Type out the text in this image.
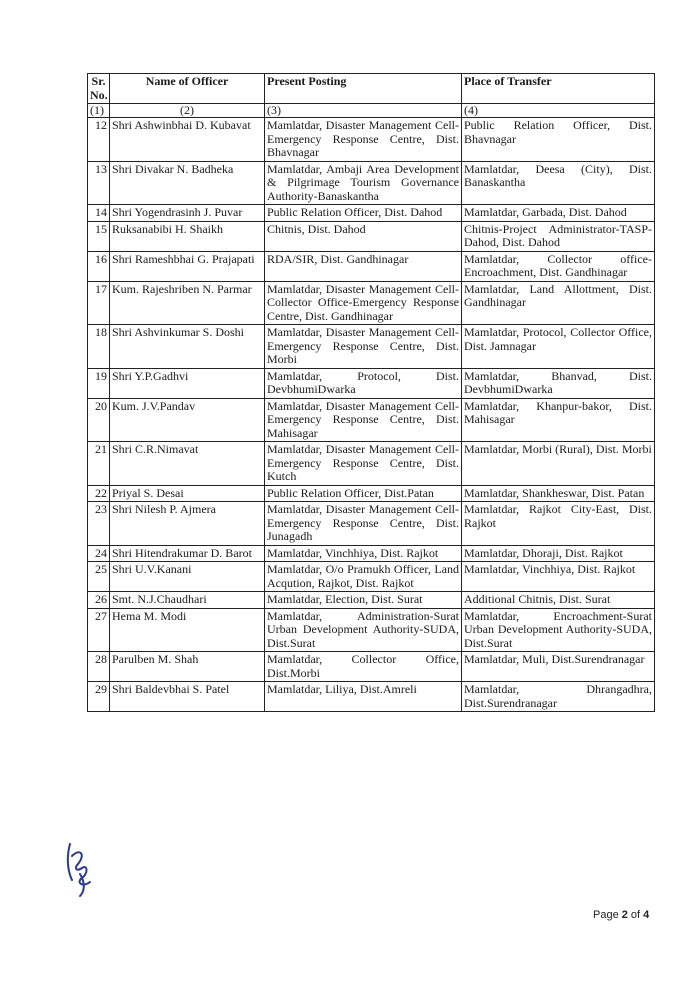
Sr. No.	Name of Officer	Present Posting	Place of Transfer
(1)	(2)	(3)	(4)
12	Shri Ashwinbhai D. Kubavat	Mamlatdar, Disaster Management Cell-Emergency Response Centre, Dist. Bhavnagar	Public Relation Officer, Dist. Bhavnagar
13	Shri Divakar N. Badheka	Mamlatdar, Ambaji Area Development & Pilgrimage Tourism Governance Authority-Banaskantha	Mamlatdar, Deesa (City), Dist. Banaskantha
14	Shri Yogendrasinh J. Puvar	Public Relation Officer, Dist. Dahod	Mamlatdar, Garbada, Dist. Dahod
15	Ruksanabibi H. Shaikh	Chitnis, Dist. Dahod	Chitnis-Project Administrator-TASP-Dahod, Dist. Dahod
16	Shri Rameshbhai G. Prajapati	RDA/SIR, Dist. Gandhinagar	Mamlatdar, Collector office-Encroachment, Dist. Gandhinagar
17	Kum. Rajeshriben N. Parmar	Mamlatdar, Disaster Management Cell-Collector Office-Emergency Response Centre, Dist. Gandhinagar	Mamlatdar, Land Allottment, Dist. Gandhinagar
18	Shri Ashvinkumar S. Doshi	Mamlatdar, Disaster Management Cell-Emergency Response Centre, Dist. Morbi	Mamlatdar, Protocol, Collector Office, Dist. Jamnagar
19	Shri Y.P.Gadhvi	Mamlatdar, Protocol, Dist. DevbhumiDwarka	Mamlatdar, Bhanvad, Dist. DevbhumiDwarka
20	Kum. J.V.Pandav	Mamlatdar, Disaster Management Cell-Emergency Response Centre, Dist. Mahisagar	Mamlatdar, Khanpur-bakor, Dist. Mahisagar
21	Shri C.R.Nimavat	Mamlatdar, Disaster Management Cell-Emergency Response Centre, Dist. Kutch	Mamlatdar, Morbi (Rural), Dist. Morbi
22	Priyal S. Desai	Public Relation Officer, Dist.Patan	Mamlatdar, Shankheswar, Dist. Patan
23	Shri Nilesh P. Ajmera	Mamlatdar, Disaster Management Cell-Emergency Response Centre, Dist. Junagadh	Mamlatdar, Rajkot City-East, Dist. Rajkot
24	Shri Hitendrakumar D. Barot	Mamlatdar, Vinchhiya, Dist. Rajkot	Mamlatdar, Dhoraji, Dist. Rajkot
25	Shri U.V.Kanani	Mamlatdar, O/o Pramukh Officer, Land Acqution, Rajkot, Dist. Rajkot	Mamlatdar, Vinchhiya, Dist. Rajkot
26	Smt. N.J.Chaudhari	Mamlatdar, Election, Dist. Surat	Additional Chitnis, Dist. Surat
27	Hema M. Modi	Mamlatdar, Administration-Surat Urban Development Authority-SUDA, Dist.Surat	Mamlatdar, Encroachment-Surat Urban Development Authority-SUDA, Dist.Surat
28	Parulben M. Shah	Mamlatdar, Collector Office, Dist.Morbi	Mamlatdar, Muli, Dist.Surendranagar
29	Shri Baldevbhai S. Patel	Mamlatdar, Liliya, Dist.Amreli	Mamlatdar, Dhrangadhra, Dist.Surendranagar
Page 2 of 4
